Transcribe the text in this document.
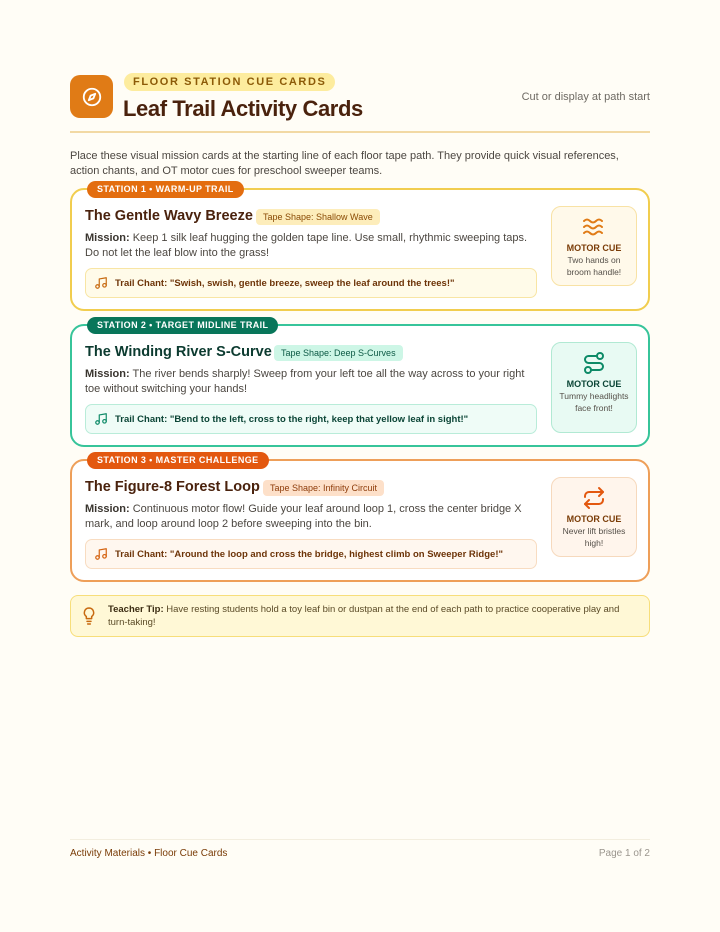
FLOOR STATION CUE CARDS
Leaf Trail Activity Cards	Cut or display at path start

Place these visual mission cards at the starting line of each floor tape path. They provide quick visual references, action chants, and OT motor cues for preschool sweeper teams.

STATION 1 • WARM-UP TRAIL
The Gentle Wavy Breeze	Tape Shape: Shallow Wave

Mission: Keep 1 silk leaf hugging the golden tape line. Use small, rhythmic sweeping taps. Do not let the leaf blow into the grass!

Trail Chant: "Swish, swish, gentle breeze, sweep the leaf around the trees!"
MOTOR CUE
Two hands on broom handle!
STATION 2 • TARGET MIDLINE TRAIL
The Winding River S-Curve	Tape Shape: Deep S-Curves

Mission: The river bends sharply! Sweep from your left toe all the way across to your right toe without switching your hands!

Trail Chant: "Bend to the left, cross to the right, keep that yellow leaf in sight!"
MOTOR CUE
Tummy headlights face front!
STATION 3 • MASTER CHALLENGE
The Figure-8 Forest Loop	Tape Shape: Infinity Circuit

Mission: Continuous motor flow! Guide your leaf around loop 1, cross the center bridge X mark, and loop around loop 2 before sweeping into the bin.

Trail Chant: "Around the loop and cross the bridge, highest climb on Sweeper Ridge!"
MOTOR CUE
Never lift bristles high!

Teacher Tip: Have resting students hold a toy leaf bin or dustpan at the end of each path to practice cooperative play and turn-taking!

Activity Materials • Floor Cue Cards	Page 1 of 2
